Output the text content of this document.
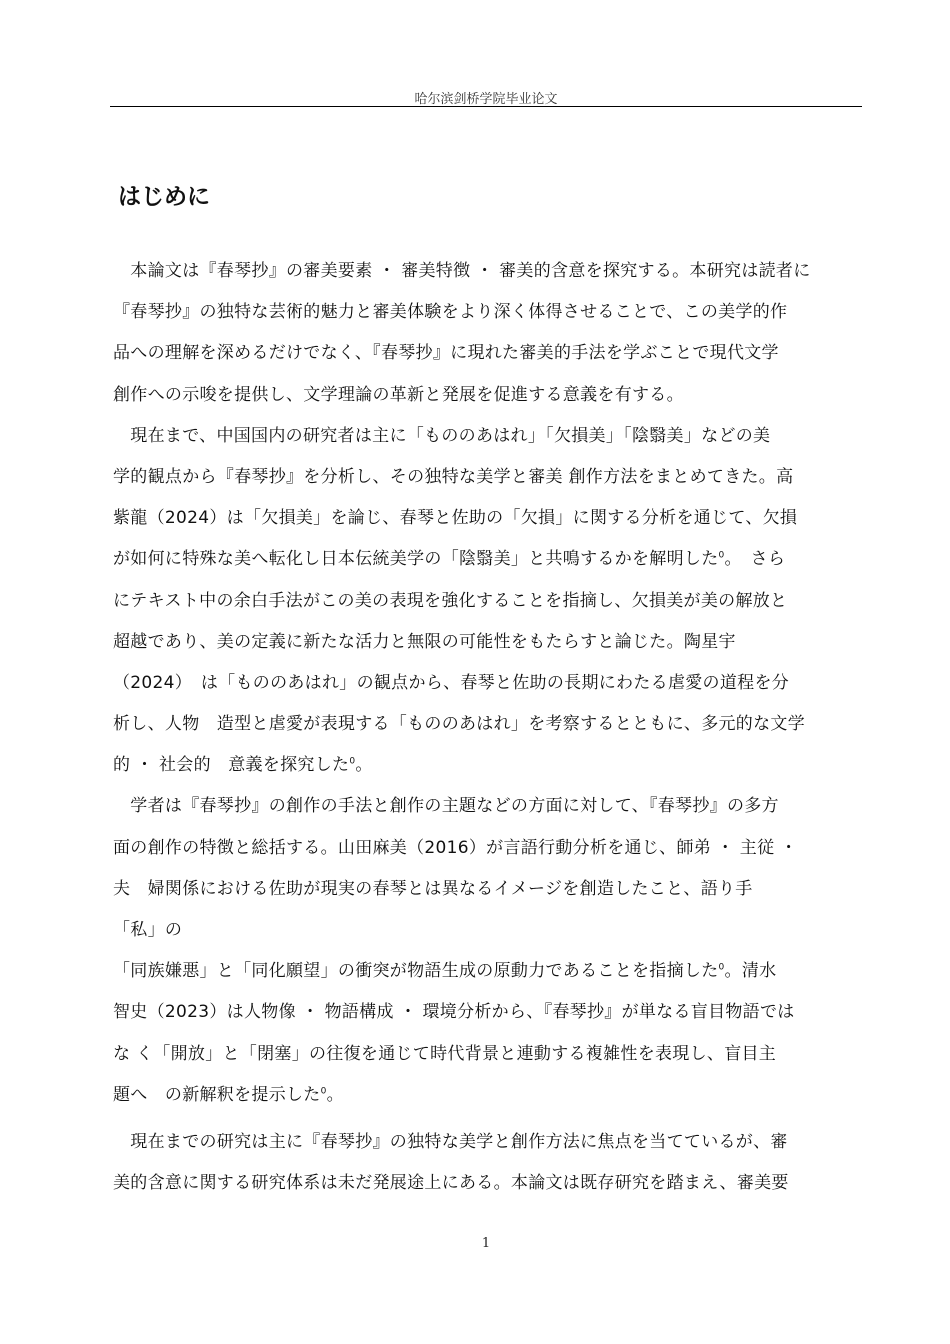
哈尔滨剑桥学院毕业论文
はじめに
　本論文は『春琴抄』の審美要素 ・ 審美特徴 ・ 審美的含意を探究する。本研究は読者に
『春琴抄』の独特な芸術的魅力と審美体験をより深く体得させることで、この美学的作
品への理解を深めるだけでなく、『春琴抄』に現れた審美的手法を学ぶことで現代文学
創作への示唆を提供し、文学理論の革新と発展を促進する意義を有する。
　現在まで、中国国内の研究者は主に「もののあはれ」「欠損美」「陰翳美」などの美
学的観点から『春琴抄』を分析し、その独特な美学と審美 創作方法をまとめてきた。高
紫龍（2024）は「欠損美」を論じ、春琴と佐助の「欠損」に関する分析を通じて、欠損
が如何に特殊な美へ転化し日本伝統美学の「陰翳美」と共鳴するかを解明した$^0$。　さら
にテキスト中の余白手法がこの美の表現を強化することを指摘し、欠損美が美の解放と
超越であり、美の定義に新たな活力と無限の可能性をもたらすと論じた。陶星宇
（2024）　は「もののあはれ」の観点から、春琴と佐助の長期にわたる虐愛の道程を分
析し、人物　造型と虐愛が表現する「もののあはれ」を考察するとともに、多元的な文学
的 ・ 社会的　意義を探究した$^0$。
　学者は『春琴抄』の創作の手法と創作の主題などの方面に対して、『春琴抄』の多方
面の創作の特徴と総括する。山田麻美（2016）が言語行動分析を通じ、師弟 ・ 主従 ・
夫　婦関係における佐助が現実の春琴とは異なるイメージを創造したこと、語り手
「私」の
「同族嫌悪」と「同化願望」の衝突が物語生成の原動力であることを指摘した$^0$。清水
智史（2023）は人物像 ・ 物語構成 ・ 環境分析から、『春琴抄』が単なる盲目物語では
な く「開放」と「閉塞」の往復を通じて時代背景と連動する複雑性を表現し、盲目主
題へ　の新解釈を提示した$^0$。
　現在までの研究は主に『春琴抄』の独特な美学と創作方法に焦点を当てているが、審
美的含意に関する研究体系は未だ発展途上にある。本論文は既存研究を踏まえ、審美要
1
